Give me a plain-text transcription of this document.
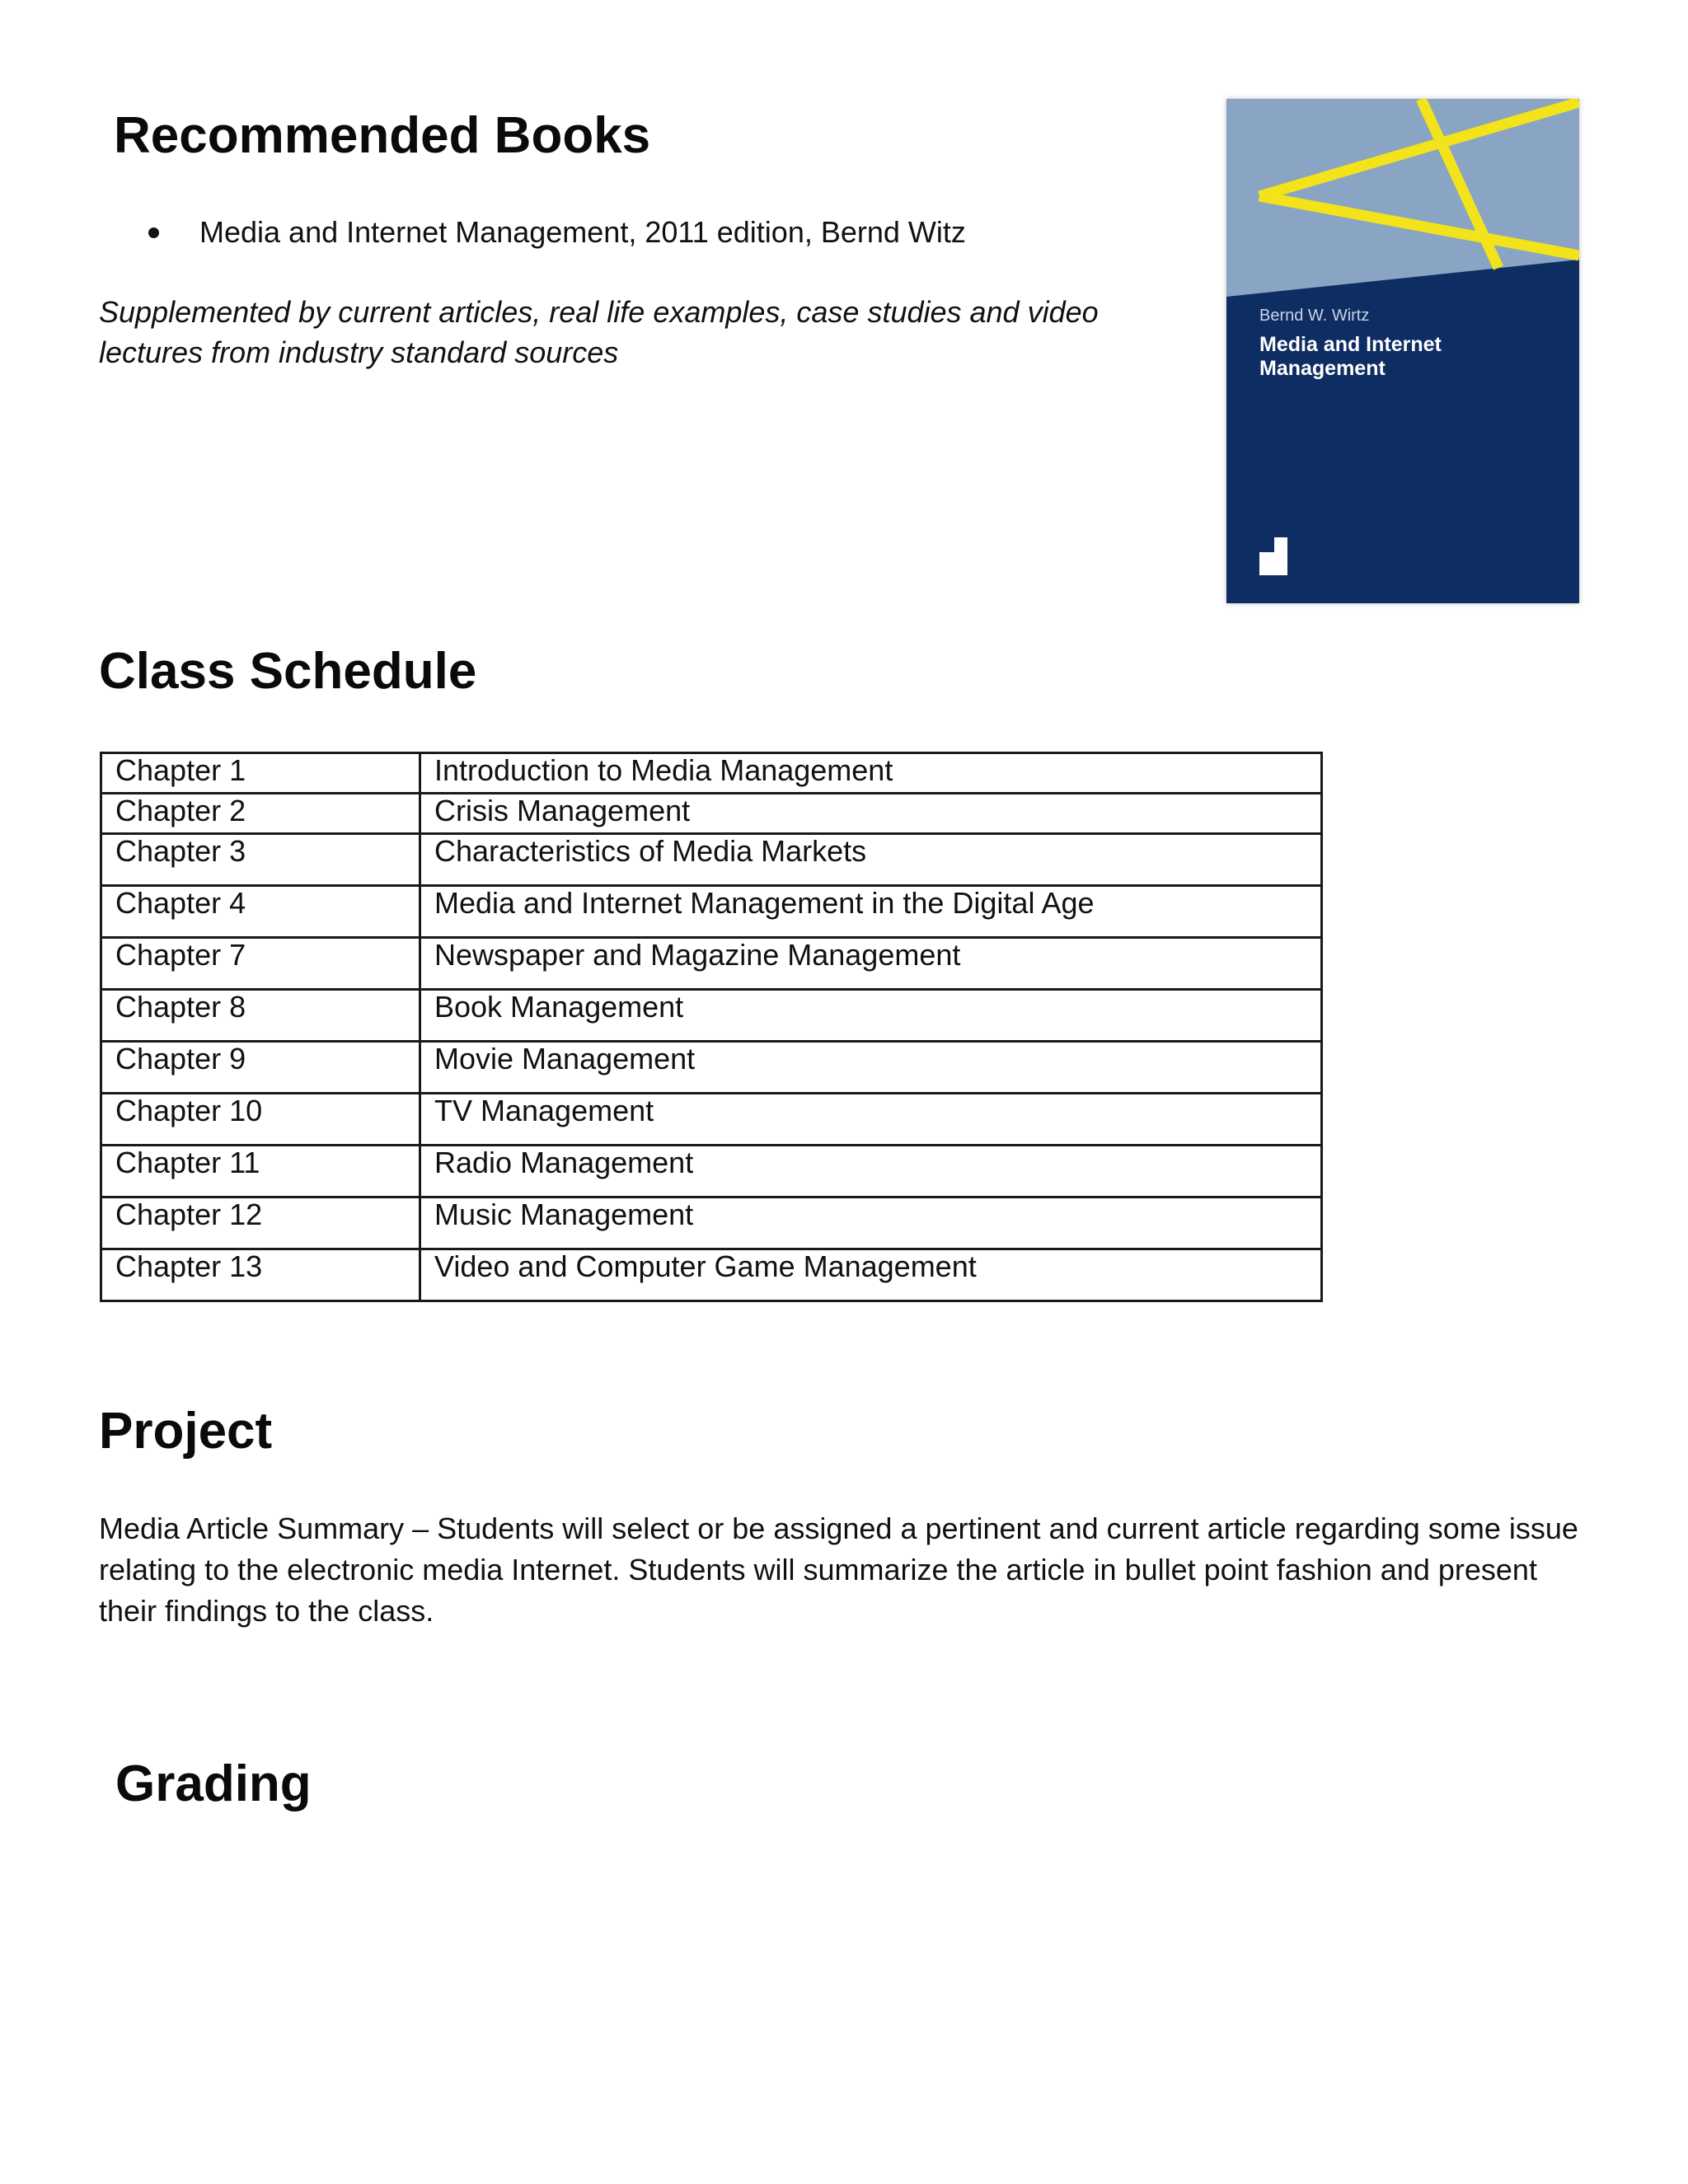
Recommended Books
Media and Internet Management, 2011 edition, Bernd Witz

Supplemented by current articles, real life examples, case studies and video lectures from industry standard sources

Bernd W. Wirtz
Media and Internet Management
Class Schedule
Chapter 1	Introduction to Media Management
Chapter 2	Crisis Management
Chapter 3	Characteristics of Media Markets
Chapter 4	Media and Internet Management in the Digital Age
Chapter 7	Newspaper and Magazine Management
Chapter 8	Book Management
Chapter 9	Movie Management
Chapter 10	TV Management
Chapter 11	Radio Management
Chapter 12	Music Management
Chapter 13	Video and Computer Game Management
Project

Media Article Summary – Students will select or be assigned a pertinent and current article regarding some issue relating to the electronic media Internet. Students will summarize the article in bullet point fashion and present their findings to the class.

Grading
